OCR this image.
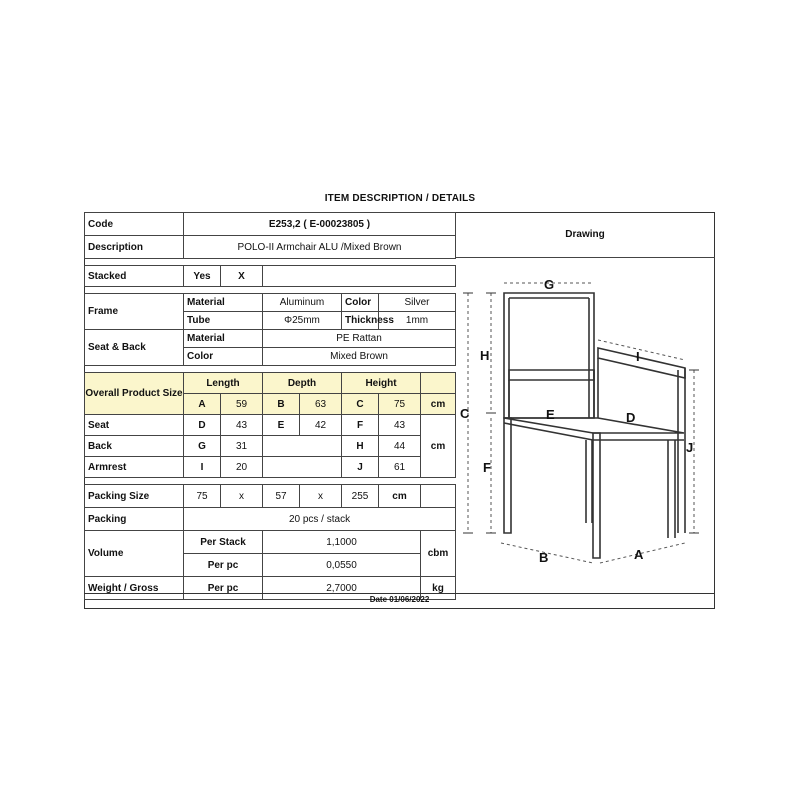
ITEM DESCRIPTION / DETAILS
Code	E253,2 ( E-00023805 )						
Description	POLO-II Armchair ALU /Mixed Brown						

Stacked	Yes	X					

Frame	Material		Aluminum		Color	Silver	
	Tube		Φ25mm		Thickness	1mm	
Seat & Back	Material		PE Rattan				
	Color		Mixed Brown				

Overall Product Size	Length		Depth		Height		
	A	59	B	63	C	75	cm
Seat	D	43	E	42	F	43	cm
Back	G	31			H	44	
Armrest	I	20			J	61	

Packing Size	75	x	57	x	255	cm	
Packing	20 pcs / stack						
Volume	Per Stack		1,1000				cbm
	Per pc		0,0550				
Weight / Gross	Per pc		2,7000				kg
Drawing
G
H
C
F
I
J
E	D
B	A
Date 01/06/2022
